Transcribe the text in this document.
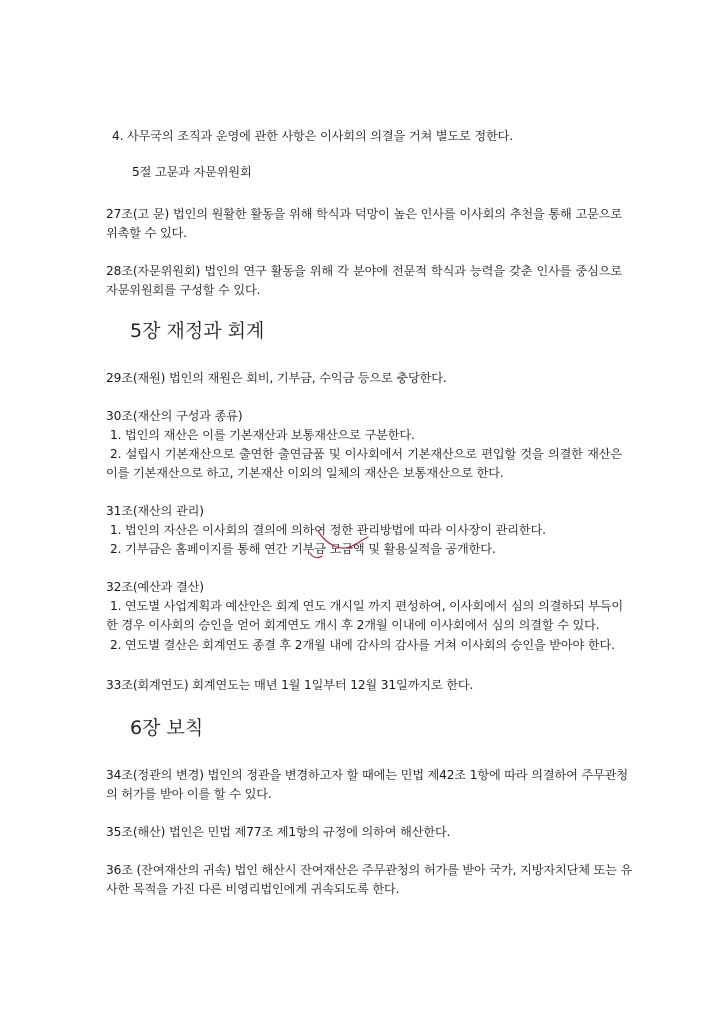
4. 사무국의 조직과 운영에 관한 사항은 이사회의 의결을 거쳐 별도로 정한다.
5절 고문과 자문위원회
27조(고 문) 법인의 원활한 활동을 위해 학식과 덕망이 높은 인사를 이사회의 추천을 통해 고문으로
위촉할 수 있다.
28조(자문위원회) 법인의 연구 활동을 위해 각 분야에 전문적 학식과 능력을 갖춘 인사를 중심으로
자문위원회를 구성할 수 있다.
5장 재정과 회계
29조(재원) 법인의 재원은 회비, 기부금, 수익금 등으로 충당한다.
30조(재산의 구성과 종류)
1. 법인의 재산은 이를 기본재산과 보통재산으로 구분한다.
2. 설립시 기본재산으로 출연한 출연금품 및 이사회에서 기본재산으로 편입할 것을 의결한 재산은
이를 기본재산으로 하고, 기본재산 이외의 일체의 재산은 보통재산으로 한다.
31조(재산의 관리)
1. 법인의 자산은 이사회의 결의에 의하여 정한 관리방법에 따라 이사장이 관리한다.
2. 기부금은 홈페이지를 통해 연간 기부금 모금액 및 활용실적을 공개한다.
32조(예산과 결산)
1. 연도별 사업계획과 예산안은 회계 연도 개시일 까지 편성하여, 이사회에서 심의 의결하되 부득이
한 경우 이사회의 승인을 얻어 회계연도 개시 후 2개월 이내에 이사회에서 심의 의결할 수 있다.
2. 연도별 결산은 회계연도 종결 후 2개월 내에 감사의 감사를 거쳐 이사회의 승인을 받아야 한다.
33조(회계연도) 회계연도는 매년 1월 1일부터 12월 31일까지로 한다.
6장 보칙
34조(정관의 변경) 법인의 정관을 변경하고자 할 때에는 민법 제42조 1항에 따라 의결하여 주무관청
의 허가를 받아 이를 할 수 있다.
35조(해산) 법인은 민법 제77조 제1항의 규정에 의하여 해산한다.
36조 (잔여재산의 귀속) 법인 해산시 잔여재산은 주무관청의 허가를 받아 국가, 지방자치단체 또는 유
사한 목적을 가진 다른 비영리법인에게 귀속되도록 한다.
